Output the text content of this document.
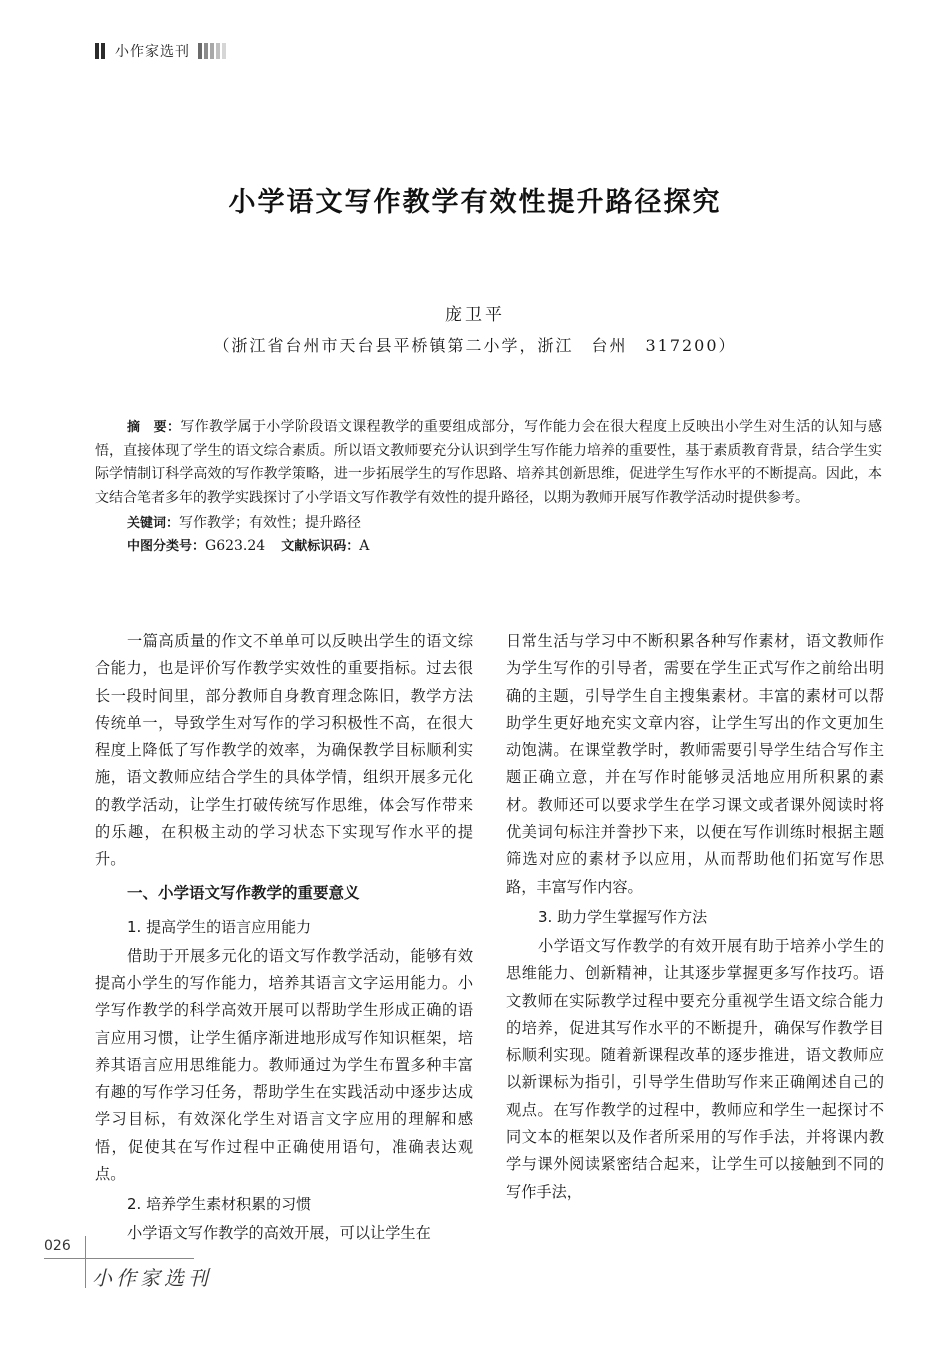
小作家选刊
小学语文写作教学有效性提升路径探究
庞卫平
（浙江省台州市天台县平桥镇第二小学，浙江　台州　317200）

摘　要：写作教学属于小学阶段语文课程教学的重要组成部分，写作能力会在很大程度上反映出小学生对生活的认知与感悟，直接体现了学生的语文综合素质。所以语文教师要充分认识到学生写作能力培养的重要性，基于素质教育背景，结合学生实际学情制订科学高效的写作教学策略，进一步拓展学生的写作思路、培养其创新思维，促进学生写作水平的不断提高。因此，本文结合笔者多年的教学实践探讨了小学语文写作教学有效性的提升路径，以期为教师开展写作教学活动时提供参考。

关键词：写作教学；有效性；提升路径
中图分类号：G623.24 文献标识码：A

一篇高质量的作文不单单可以反映出学生的语文综合能力，也是评价写作教学实效性的重要指标。过去很长一段时间里，部分教师自身教育理念陈旧，教学方法传统单一，导致学生对写作的学习积极性不高，在很大程度上降低了写作教学的效率，为确保教学目标顺利实施，语文教师应结合学生的具体学情，组织开展多元化的教学活动，让学生打破传统写作思维，体会写作带来的乐趣，在积极主动的学习状态下实现写作水平的提升。

一、小学语文写作教学的重要意义
1. 提高学生的语言应用能力

借助于开展多元化的语文写作教学活动，能够有效提高小学生的写作能力，培养其语言文字运用能力。小学写作教学的科学高效开展可以帮助学生形成正确的语言应用习惯，让学生循序渐进地形成写作知识框架，培养其语言应用思维能力。教师通过为学生布置多种丰富有趣的写作学习任务，帮助学生在实践活动中逐步达成学习目标，有效深化学生对语言文字应用的理解和感悟，促使其在写作过程中正确使用语句，准确表达观点。

2. 培养学生素材积累的习惯

小学语文写作教学的高效开展，可以让学生在

日常生活与学习中不断积累各种写作素材，语文教师作为学生写作的引导者，需要在学生正式写作之前给出明确的主题，引导学生自主搜集素材。丰富的素材可以帮助学生更好地充实文章内容，让学生写出的作文更加生动饱满。在课堂教学时，教师需要引导学生结合写作主题正确立意，并在写作时能够灵活地应用所积累的素材。教师还可以要求学生在学习课文或者课外阅读时将优美词句标注并誊抄下来，以便在写作训练时根据主题筛选对应的素材予以应用，从而帮助他们拓宽写作思路，丰富写作内容。

3. 助力学生掌握写作方法

小学语文写作教学的有效开展有助于培养小学生的思维能力、创新精神，让其逐步掌握更多写作技巧。语文教师在实际教学过程中要充分重视学生语文综合能力的培养，促进其写作水平的不断提升，确保写作教学目标顺利实现。随着新课程改革的逐步推进，语文教师应以新课标为指引，引导学生借助写作来正确阐述自己的观点。在写作教学的过程中，教师应和学生一起探讨不同文本的框架以及作者所采用的写作手法，并将课内教学与课外阅读紧密结合起来，让学生可以接触到不同的写作手法，

026
小作家选刊
